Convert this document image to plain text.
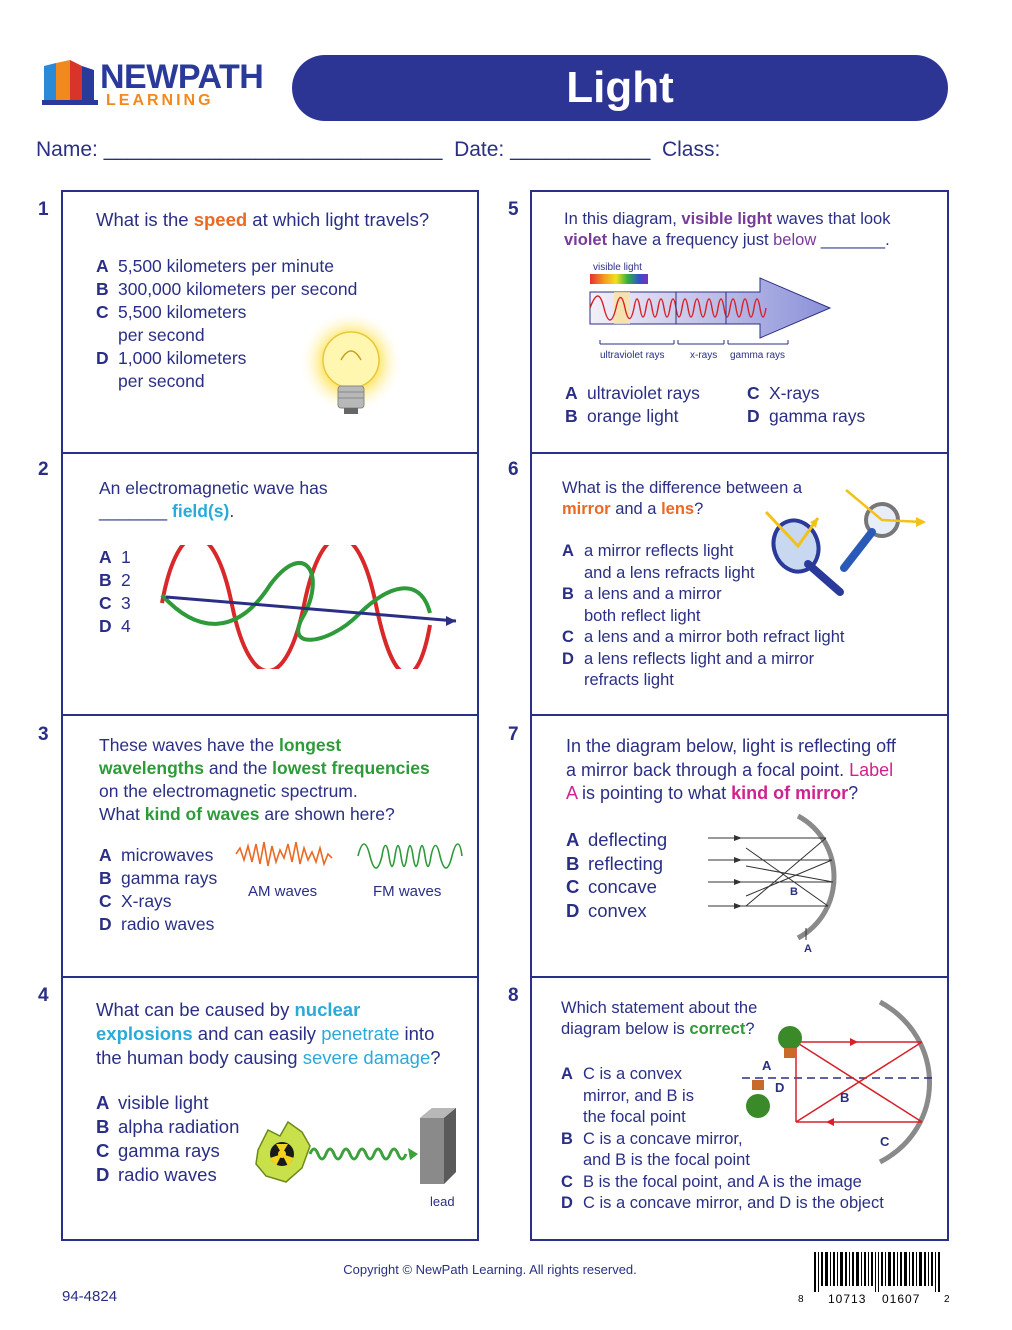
NEWPATH
LEARNING	Light
Name: _____________________________ Date: ____________ Class:
1
2
3
4
5
6
7
8
What is the speed at which light travels?
A 5,500 kilometers per minute
B 300,000 kilometers per second
C 5,500 kilometers
per second
D 1,000 kilometers
per second
An electromagnetic wave has
_______ field(s).
A 1
B 2
C 3
D 4
These waves have the longest
wavelengths and the lowest frequencies
on the electromagnetic spectrum.
What kind of waves are shown here?
A microwaves
B gamma rays
C X-rays
D radio waves
AM waves	FM waves
What can be caused by nuclear
explosions and can easily penetrate into
the human body causing severe damage?
A visible light
B alpha radiation
C gamma rays
D radio waves
lead
In this diagram, visible light waves that look
violet have a frequency just below _______.
visible light
ultraviolet rays	x-rays gamma rays
A ultraviolet rays
B orange light
C X-rays
D gamma rays
What is the difference between a
mirror and a lens?
A a mirror reflects light
and a lens refracts light
B a lens and a mirror
both reflect light
C a lens and a mirror both refract light
D a lens reflects light and a mirror
refracts light
In the diagram below, light is reflecting off
a mirror back through a focal point. Label
A is pointing to what kind of mirror?
A deflecting
B reflecting
C concave
D convex
B
A
Which statement about the
diagram below is correct?
A C is a convex
mirror, and B is
the focal point
B C is a concave mirror,
and B is the focal point
C B is the focal point, and A is the image
D C is a concave mirror, and D is the object
A
D
B
C
Copyright © NewPath Learning. All rights reserved.
94-4824	8 10713 01607 2
